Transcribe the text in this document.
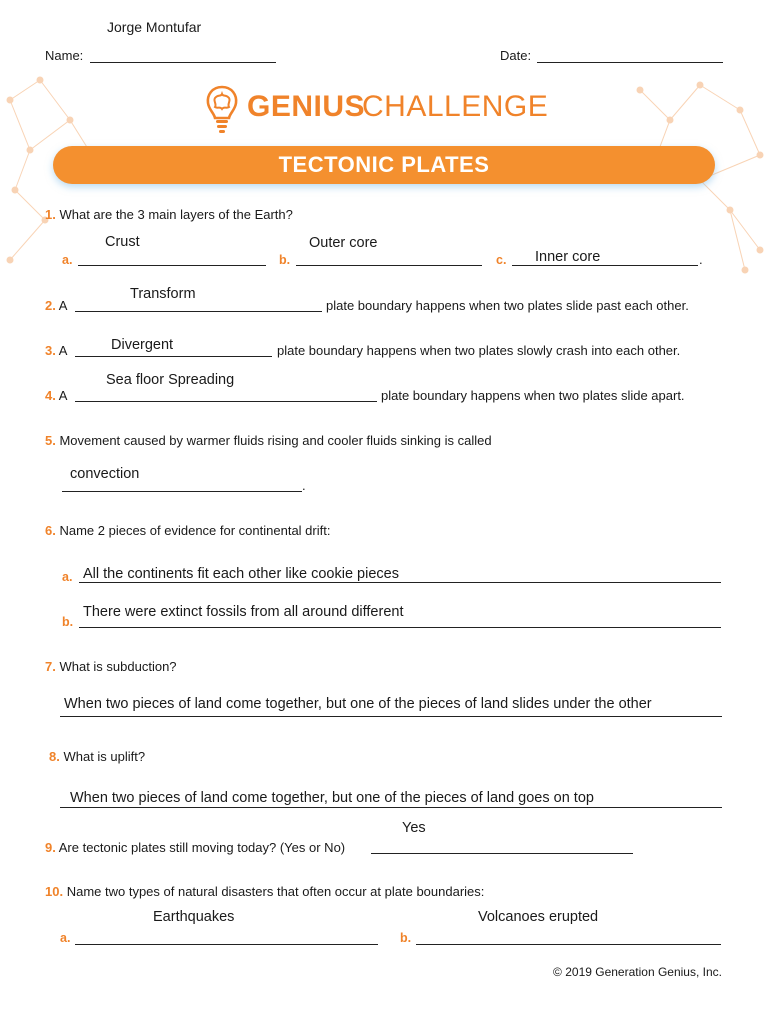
Jorge Montufar
Name:	Date:
GENIUS
CHALLENGE
TECTONIC PLATES
1. What are the 3 main layers of the Earth?
Crust
a.
Outer core
b.	Inner core
c.	.
Transform
2. A	plate boundary happens when two plates slide past each other.
Divergent
3. A	plate boundary happens when two plates slowly crash into each other.
Sea floor Spreading
4. A	plate boundary happens when two plates slide apart.
5. Movement caused by warmer fluids rising and cooler fluids sinking is called
convection
.
6. Name 2 pieces of evidence for continental drift:
a. All the continents fit each other like cookie pieces
b.
There were extinct fossils from all around different
7. What is subduction?
When two pieces of land come together, but one of the pieces of land slides under the other
8. What is uplift?
When two pieces of land come together, but one of the pieces of land goes on top
Yes
9. Are tectonic plates still moving today? (Yes or No)
10. Name two types of natural disasters that often occur at plate boundaries:
Earthquakes
a.
Volcanoes erupted
b.
© 2019 Generation Genius, Inc.
